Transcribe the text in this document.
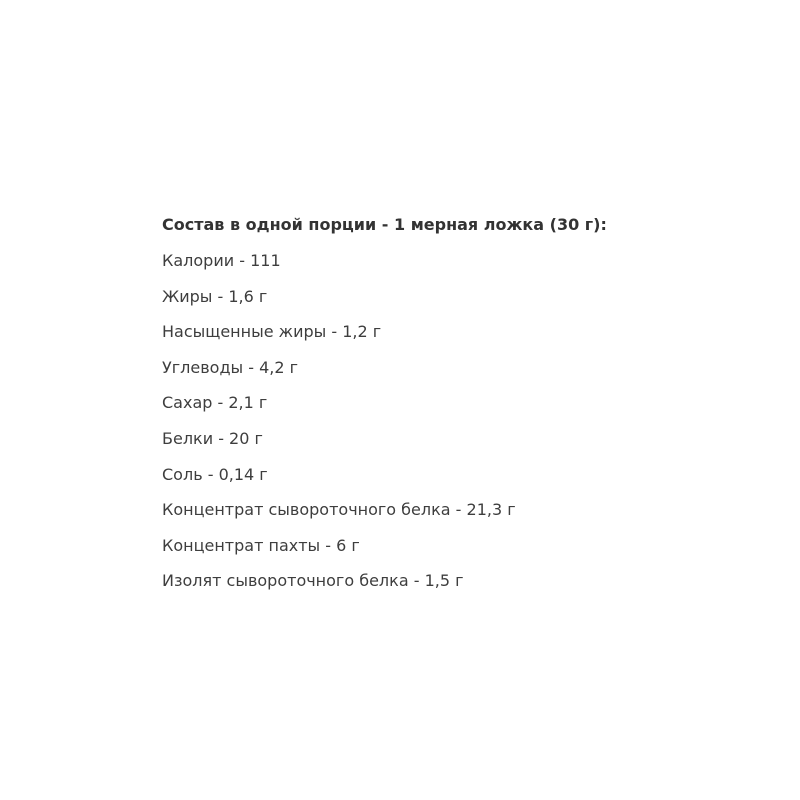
Состав в одной порции - 1 мерная ложка (30 г):
Калории - 111
Жиры - 1,6 г
Насыщенные жиры - 1,2 г
Углеводы - 4,2 г
Сахар - 2,1 г
Белки - 20 г
Соль - 0,14 г
Концентрат сывороточного белка - 21,3 г
Концентрат пахты - 6 г
Изолят сывороточного белка - 1,5 г
